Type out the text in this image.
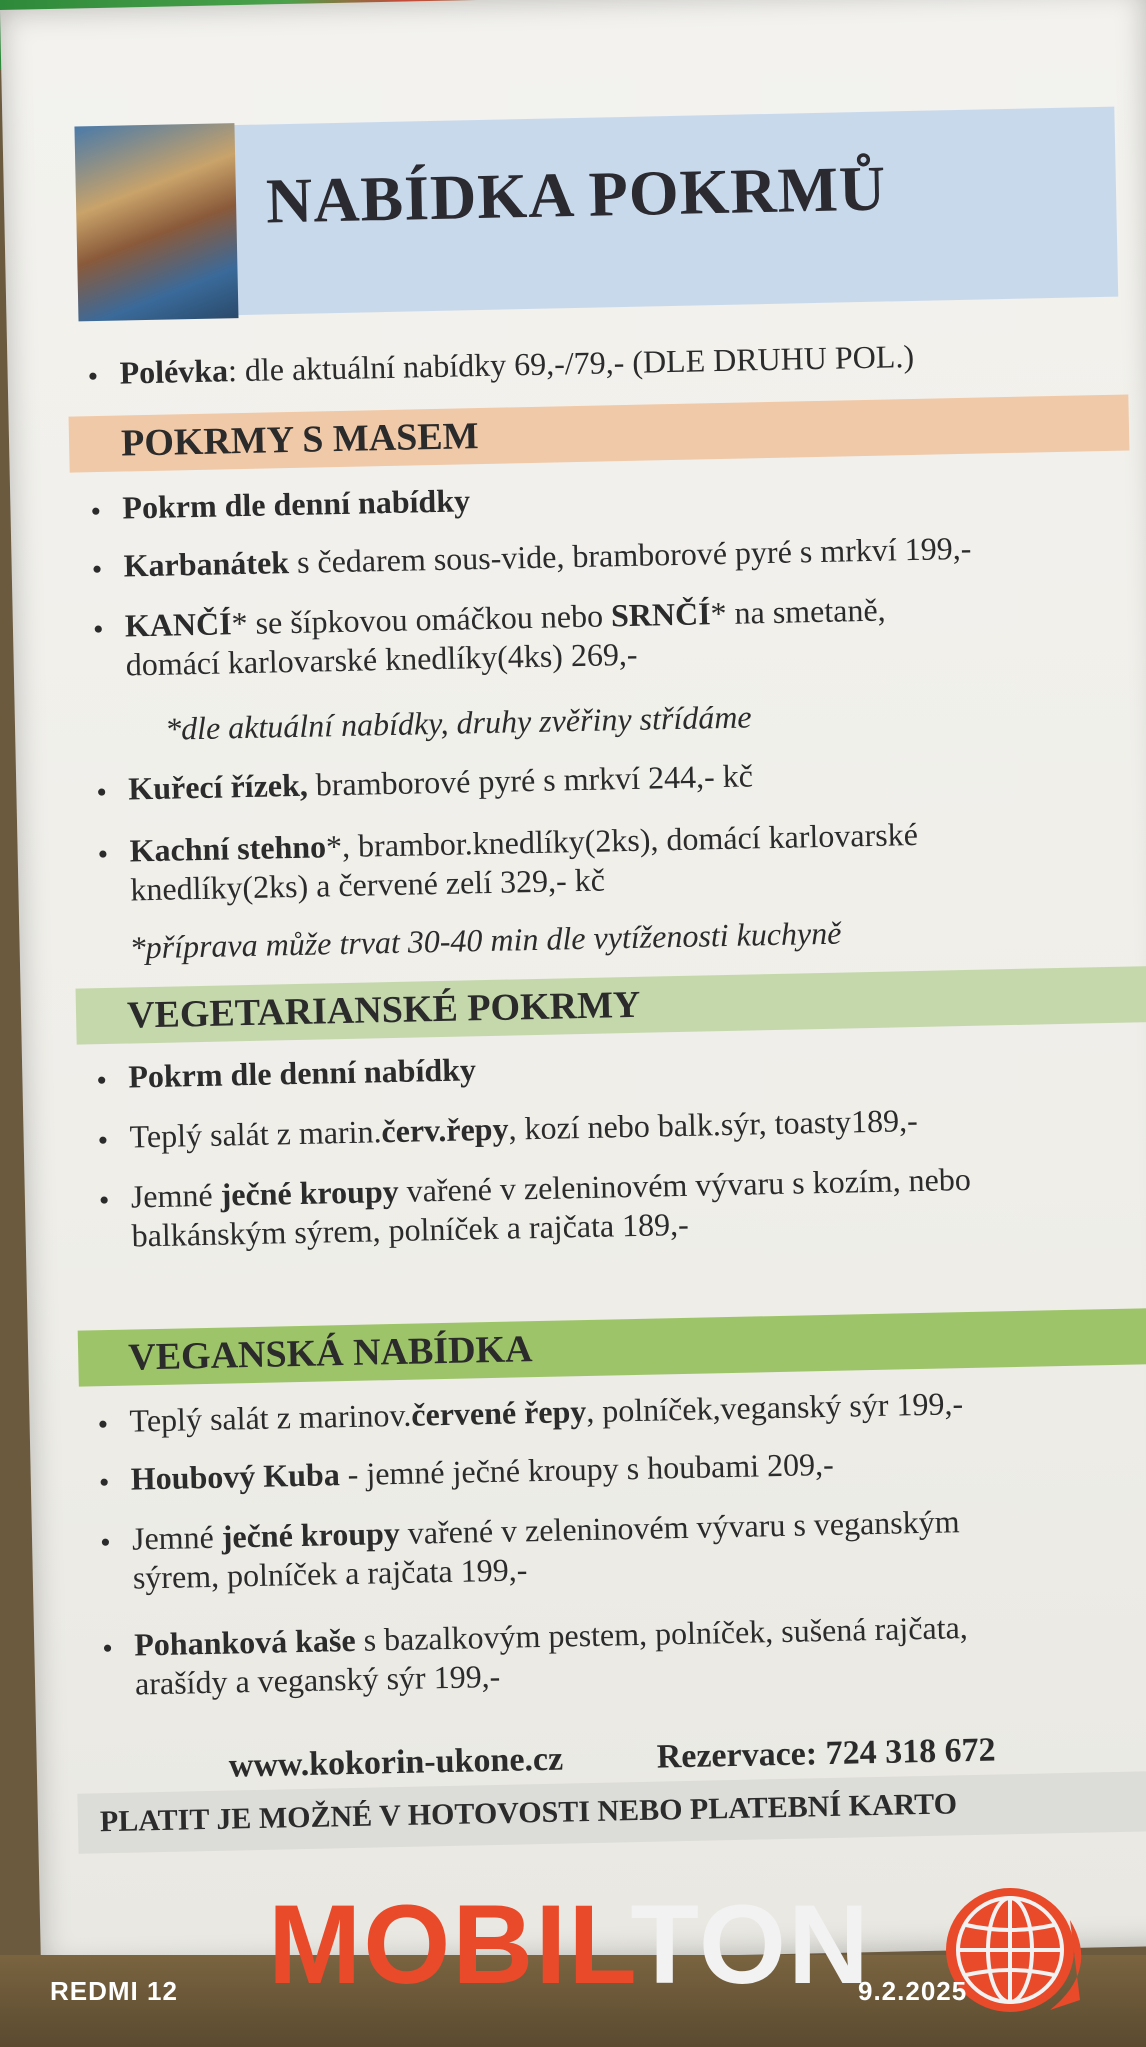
NABÍDKA POKRMŮ
• Polévka: dle aktuální nabídky 69,-/79,- (DLE DRUHU POL.)
POKRMY S MASEM
• Pokrm dle denní nabídky
• Karbanátek s čedarem sous-vide, bramborové pyré s mrkví 199,-
• KANČÍ* se šípkovou omáčkou nebo SRNČÍ* na smetaně,
domácí karlovarské knedlíky(4ks) 269,-
*dle aktuální nabídky, druhy zvěřiny střídáme
• Kuřecí řízek, bramborové pyré s mrkví 244,- kč
• Kachní stehno*, brambor.knedlíky(2ks), domácí karlovarské
knedlíky(2ks) a červené zelí 329,- kč
*příprava může trvat 30-40 min dle vytíženosti kuchyně
VEGETARIANSKÉ POKRMY
• Pokrm dle denní nabídky
• Teplý salát z marin.červ.řepy, kozí nebo balk.sýr, toasty189,-
• Jemné ječné kroupy vařené v zeleninovém vývaru s kozím, nebo
balkánským sýrem, polníček a rajčata 189,-
VEGANSKÁ NABÍDKA
• Teplý salát z marinov.červené řepy, polníček,veganský sýr 199,-
• Houbový Kuba - jemné ječné kroupy s houbami 209,-
• Jemné ječné kroupy vařené v zeleninovém vývaru s veganským
sýrem, polníček a rajčata 199,-
• Pohanková kaše s bazalkovým pestem, polníček, sušená rajčata,
arašídy a veganský sýr 199,-
www.kokorin-ukone.cz	Rezervace: 724 318 672
PLATIT JE MOŽNÉ V HOTOVOSTI NEBO PLATEBNÍ KARTO
MOBILTON
REDMI 12	9.2.2025
